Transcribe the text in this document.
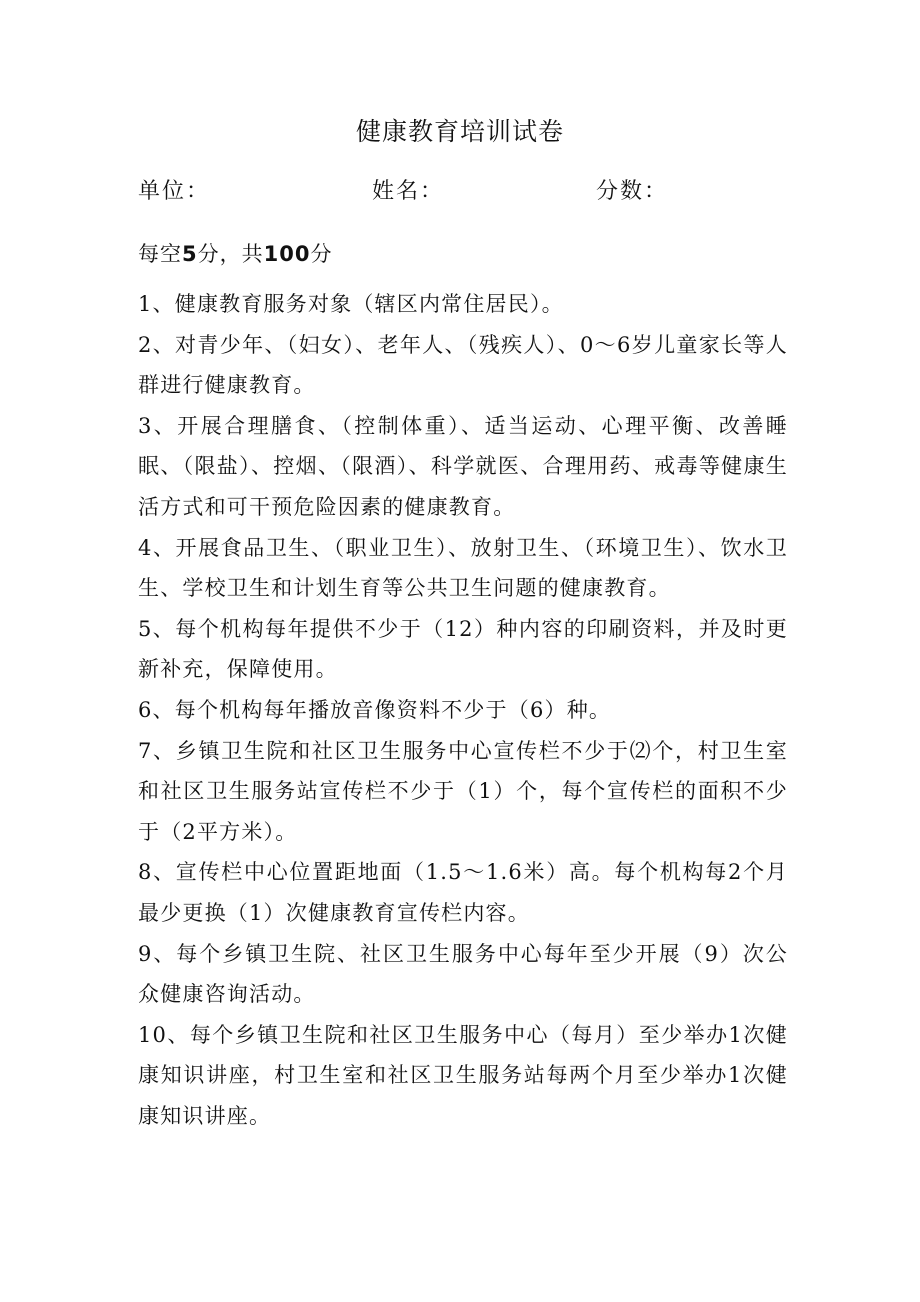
健康教育培训试卷
单位：	姓名：	分数：
每空5分，共100分

1、健康教育服务对象（辖区内常住居民）。

2、对青少年、（妇女）、老年人、（残疾人）、0～6岁儿童家长等人群进行健康教育。

3、开展合理膳食、（控制体重）、适当运动、心理平衡、改善睡眠、（限盐）、控烟、（限酒）、科学就医、合理用药、戒毒等健康生活方式和可干预危险因素的健康教育。

4、开展食品卫生、（职业卫生）、放射卫生、（环境卫生）、饮水卫生、学校卫生和计划生育等公共卫生问题的健康教育。

5、每个机构每年提供不少于（12）种内容的印刷资料，并及时更新补充，保障使用。

6、每个机构每年播放音像资料不少于（6）种。

7、乡镇卫生院和社区卫生服务中心宣传栏不少于⑵个，村卫生室和社区卫生服务站宣传栏不少于（1）个，每个宣传栏的面积不少于（2平方米）。

8、宣传栏中心位置距地面（1.5～1.6米）高。每个机构每2个月最少更换（1）次健康教育宣传栏内容。

9、每个乡镇卫生院、社区卫生服务中心每年至少开展（9）次公众健康咨询活动。

10、每个乡镇卫生院和社区卫生服务中心（每月）至少举办1次健康知识讲座，村卫生室和社区卫生服务站每两个月至少举办1次健康知识讲座。
